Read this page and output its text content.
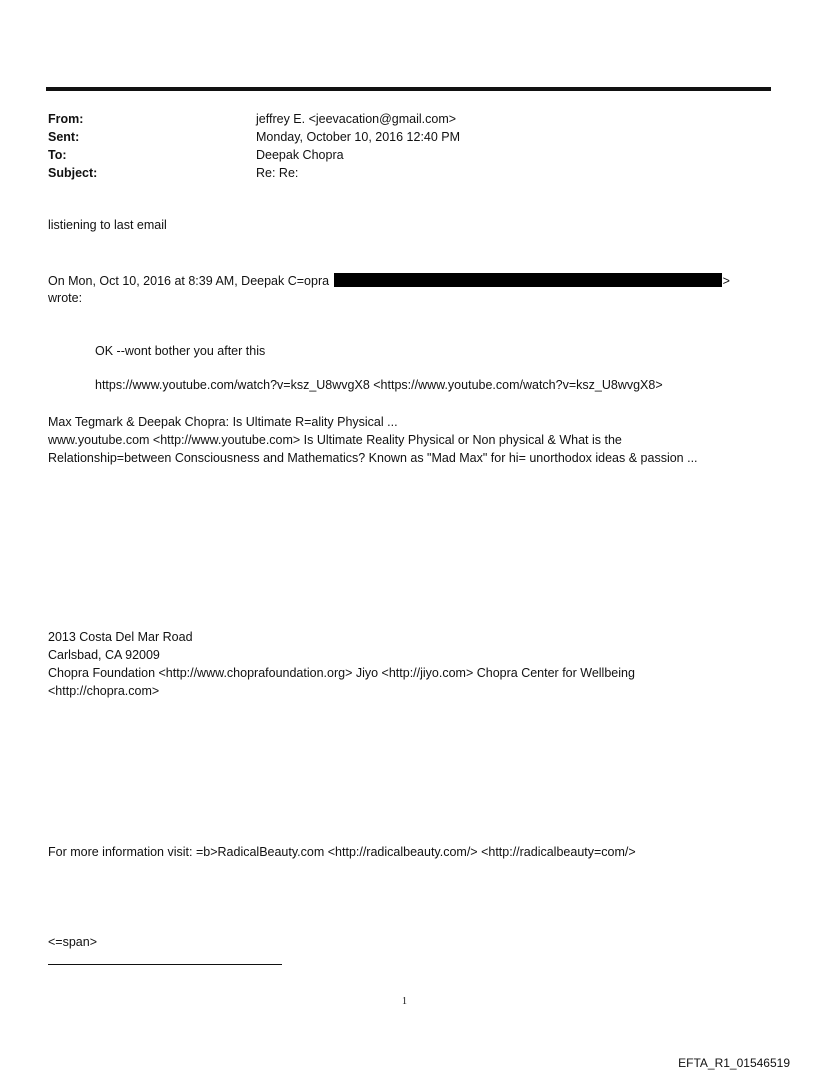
From:	jeffrey E. <jeevacation@gmail.com>
Sent:	Monday, October 10, 2016 12:40 PM
To:	Deepak Chopra
Subject:	Re: Re:
listiening to last email
On Mon, Oct 10, 2016 at 8:39 AM, Deepak C=opra	>
wrote:
OK --wont bother you after this
https://www.youtube.com/watch?v=ksz_U8wvgX8 <https://www.youtube.com/watch?v=ksz_U8wvgX8>
Max Tegmark & Deepak Chopra: Is Ultimate R=ality Physical ...
www.youtube.com <http://www.youtube.com> Is Ultimate Reality Physical or Non physical & What is the
Relationship=between Consciousness and Mathematics? Known as "Mad Max" for hi= unorthodox ideas & passion ...
2013 Costa Del Mar Road
Carlsbad, CA 92009
Chopra Foundation <http://www.choprafoundation.org> Jiyo <http://jiyo.com> Chopra Center for Wellbeing
<http://chopra.com>
For more information visit: =b>RadicalBeauty.com <http://radicalbeauty.com/> <http://radicalbeauty=com/>
<=span>
1
EFTA_R1_01546519
